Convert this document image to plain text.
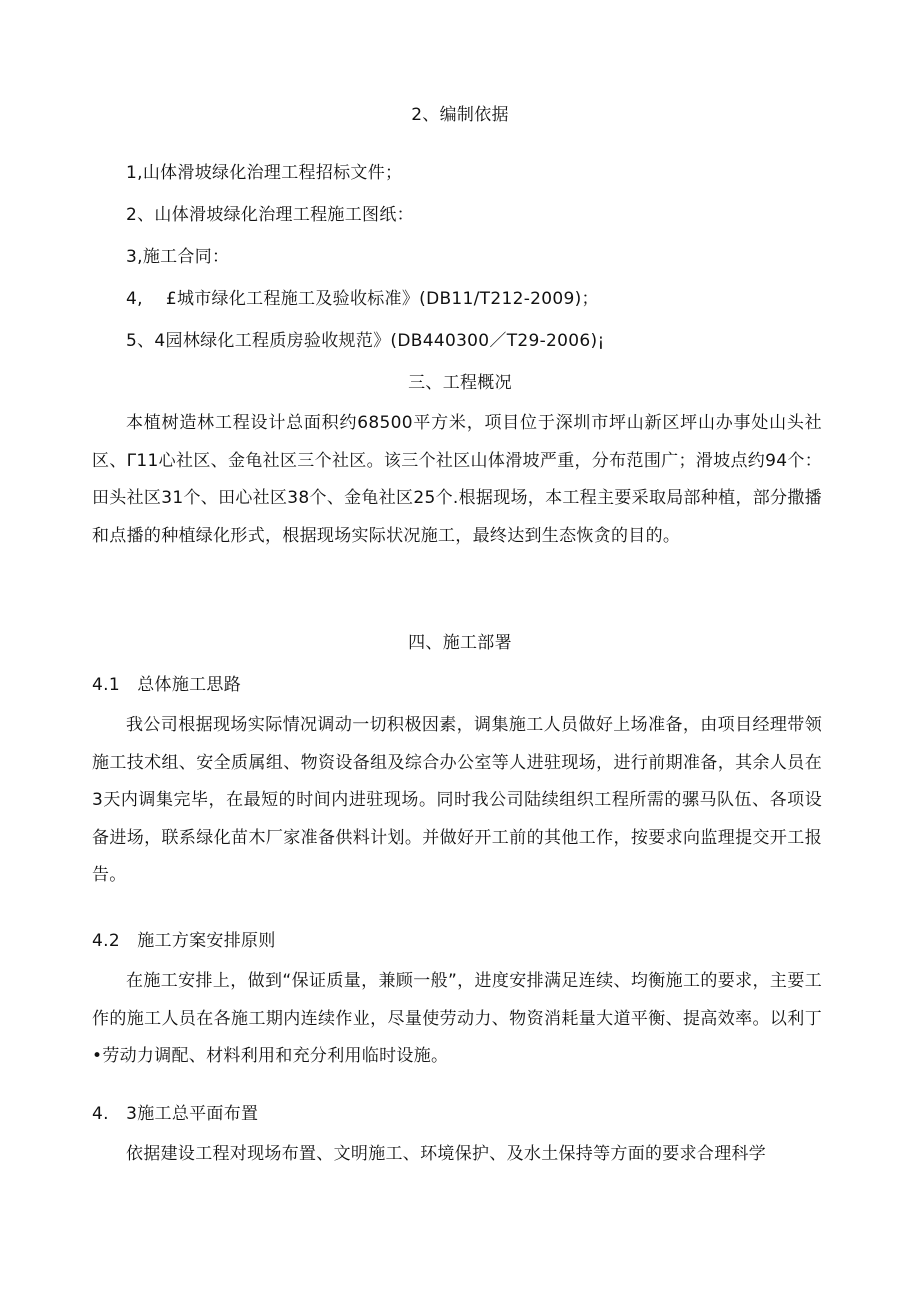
2、编制依据
1,山体滑坡绿化治理工程招标文件；
2、山体滑坡绿化治理工程施工图纸：
3,施工合同：
4,　 £城市绿化工程施工及验收标准》(DB11/T212-2009)；
5、4园林绿化工程质房验收规范》(DB440300／T29-2006)¡
三、工程概况
本植树造林工程设计总面积约68500平方米，项目位于深圳市坪山新区坪山办事处山头社区、Γ11心社区、金龟社区三个社区。该三个社区山体滑坡严重，分布范围广；滑坡点约94个：田头社区31个、田心社区38个、金龟社区25个.根据现场，本工程主要采取局部种植，部分撒播和点播的种植绿化形式，根据现场实际状况施工，最终达到生态恢贪的目的。
四、施工部署
4.1　总体施工思路
我公司根据现场实际情况调动一切积极因素，调集施工人员做好上场准备，由项目经理带领施工技术组、安全质属组、物资设备组及综合办公室等人进驻现场，进行前期准备，其余人员在3天内调集完毕，在最短的时间内进驻现场。同时我公司陆续组织工程所需的骡马队伍、各项设备进场，联系绿化苗木厂家准备供料计划。并做好开工前的其他工作，按要求向监理提交开工报告。
4.2　施工方案安排原则
在施工安排上，做到“保证质量，兼顾一般”，进度安排满足连续、均衡施工的要求，主要工作的施工人员在各施工期内连续作业，尽量使劳动力、物资消耗量大道平衡、提高效率。以利丁•劳动力调配、材料利用和充分利用临时设施。
4.　3施工总平面布置
依据建设工程对现场布置、文明施工、环境保护、及水土保持等方面的要求合理科学
